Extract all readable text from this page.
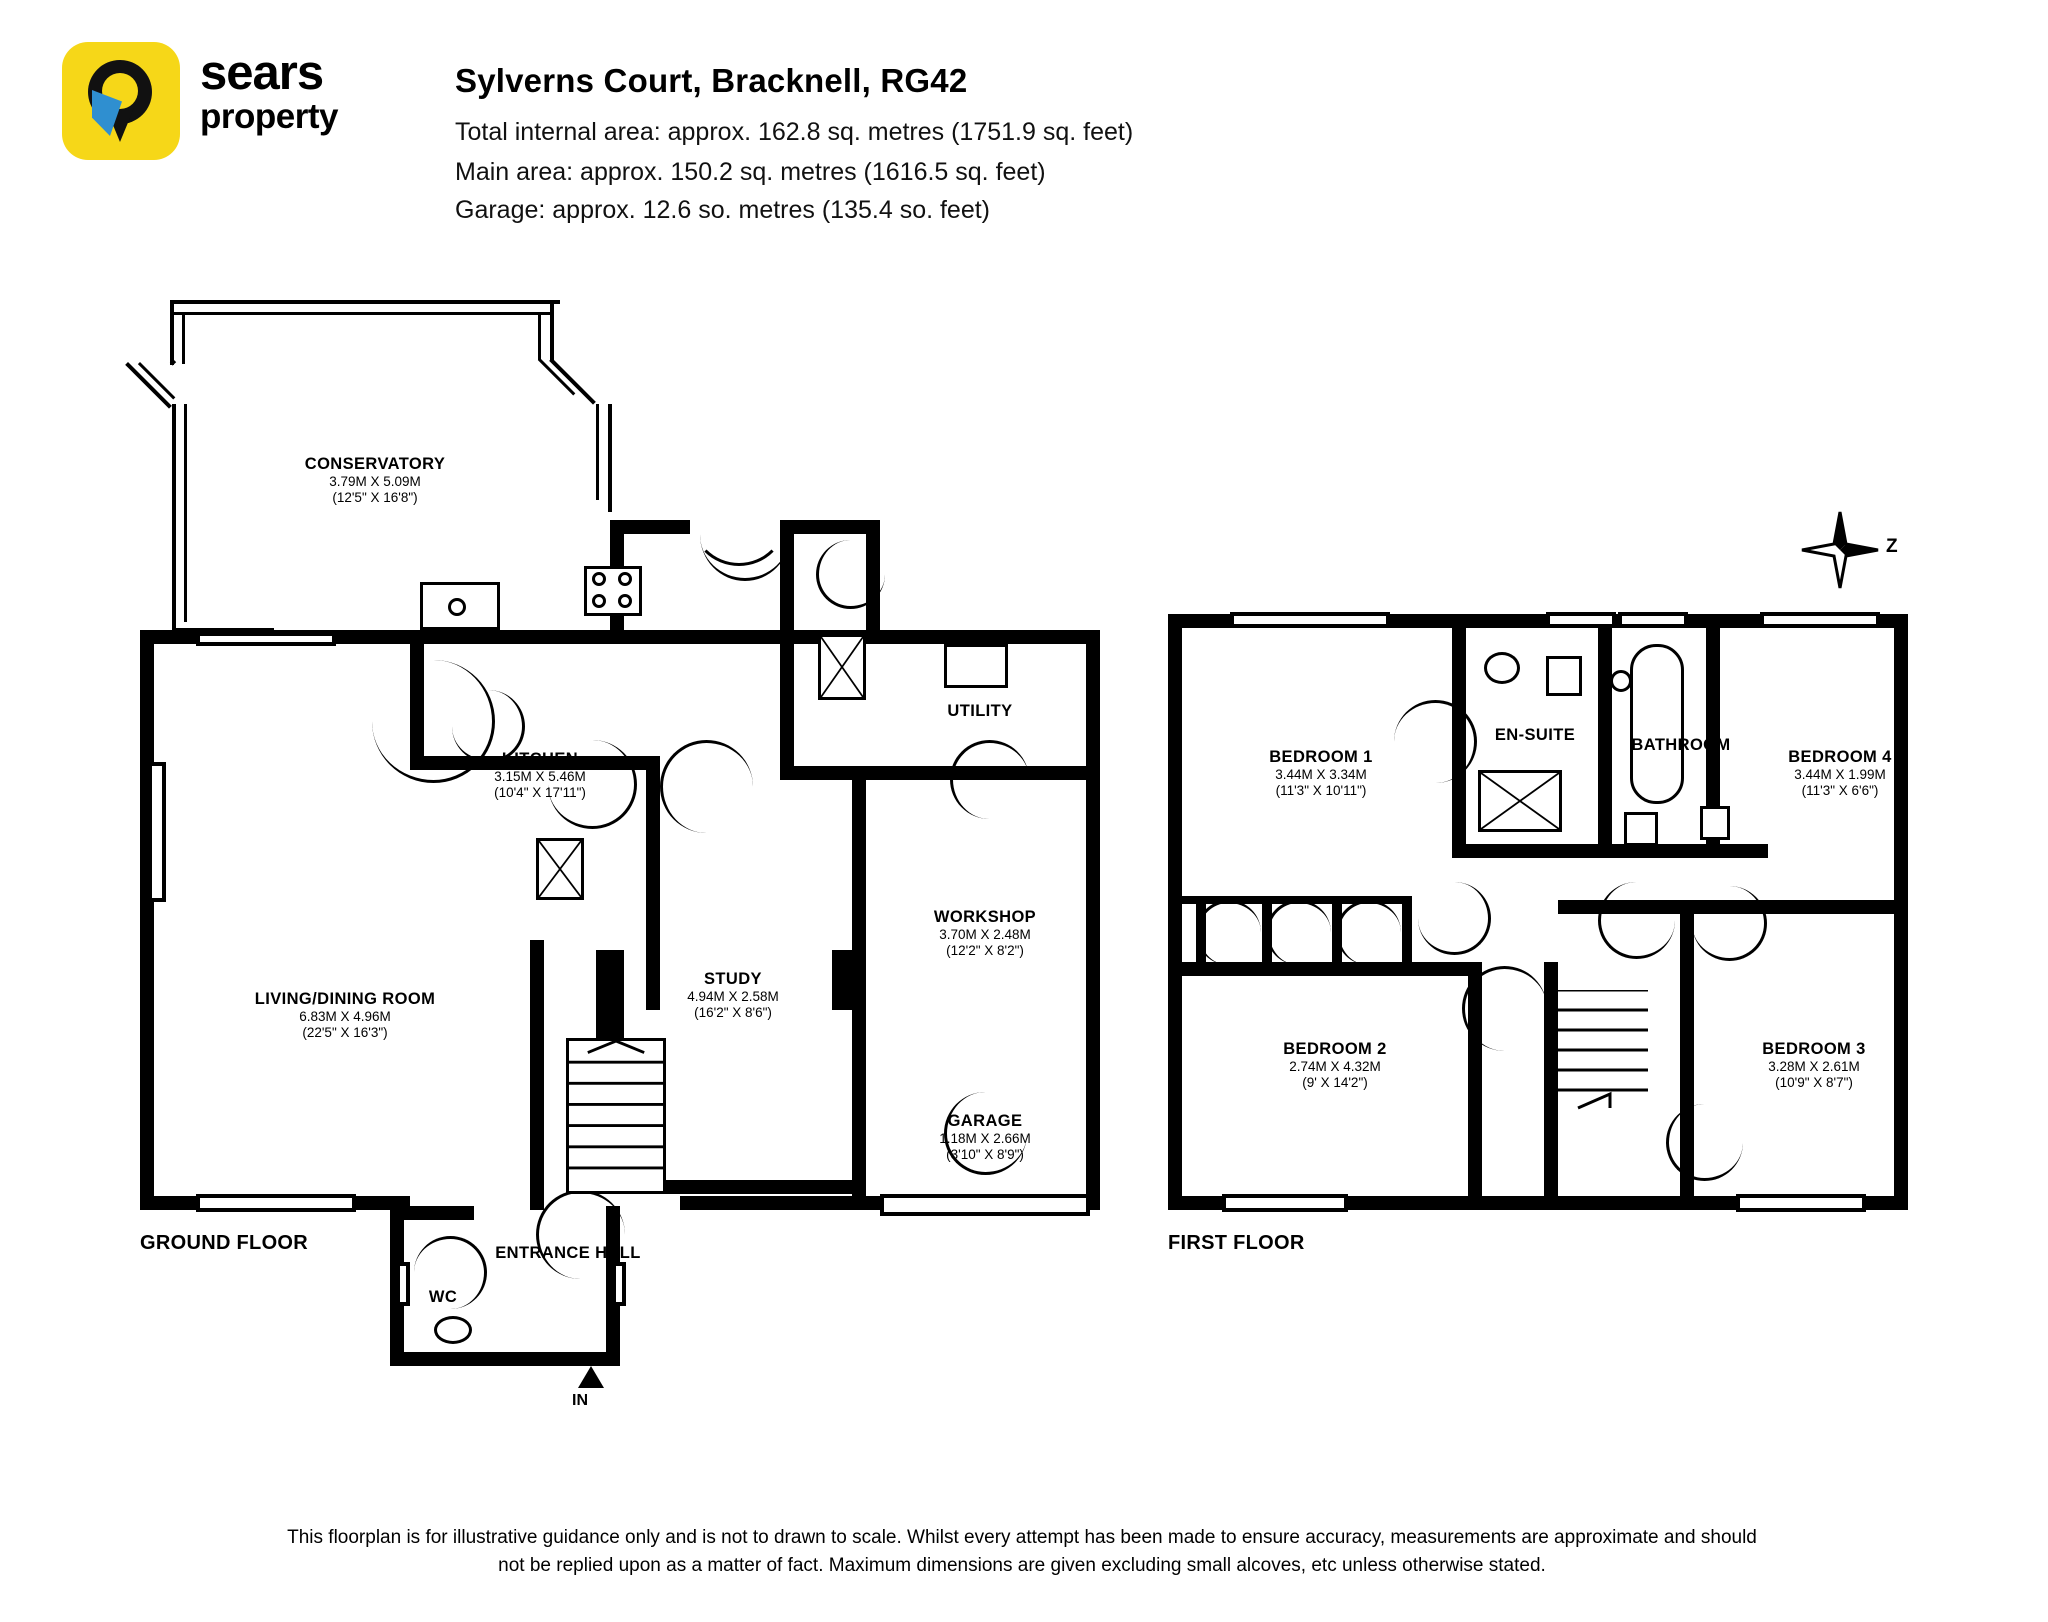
sears
property
Sylverns Court, Bracknell, RG42
Total internal area: approx. 162.8 sq. metres (1751.9 sq. feet)
Main area: approx. 150.2 sq. metres (1616.5 sq. feet)
Garage: approx. 12.6 so. metres (135.4 so. feet)
Z
CONSERVATORY
3.79M X 5.09M
(12'5" X 16'8")
IN
KITCHEN
3.15M X 5.46M
(10'4" X 17'11")
UTILITY
LIVING/DINING ROOM
6.83M X 4.96M
(22'5" X 16'3")
STUDY
4.94M X 2.58M
(16'2" X 8'6")
WORKSHOP
3.70M X 2.48M
(12'2" X 8'2")
GARAGE
1.18M X 2.66M
(3'10" X 8'9")
ENTRANCE HALL
WC
GROUND FLOOR
BEDROOM 1
3.44M X 3.34M
(11'3" X 10'11")
EN-SUITE
BATHROOM
BEDROOM 4
3.44M X 1.99M
(11'3" X 6'6")
BEDROOM 2
2.74M X 4.32M
(9' X 14'2")
BEDROOM 3
3.28M X 2.61M
(10'9" X 8'7")
FIRST FLOOR
This floorplan is for illustrative guidance only and is not to drawn to scale. Whilst every attempt has been made to ensure accuracy, measurements are approximate and should not be replied upon as a matter of fact. Maximum dimensions are given excluding small alcoves, etc unless otherwise stated.
